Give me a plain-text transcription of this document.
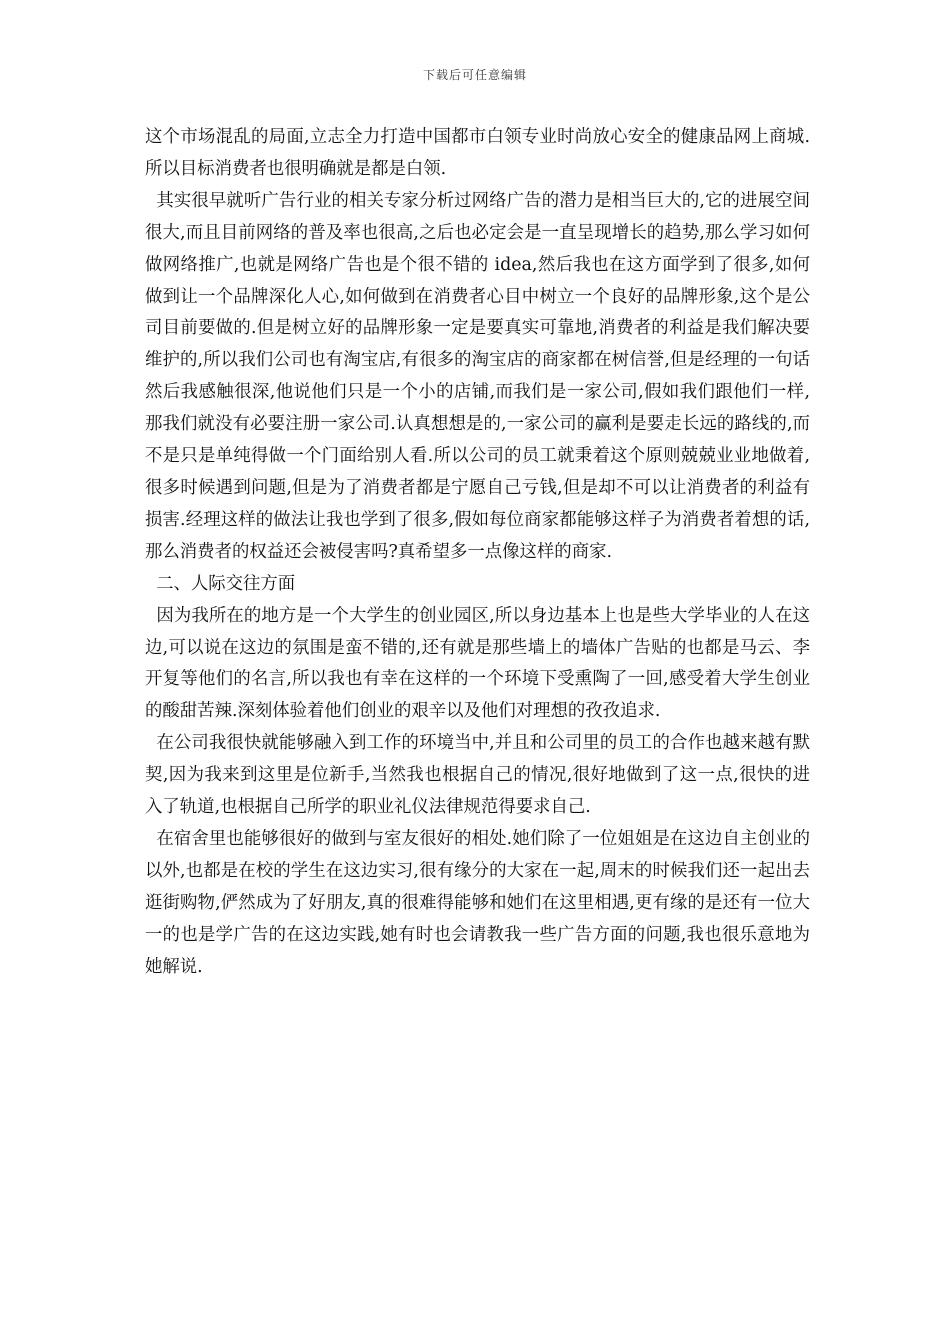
下载后可任意编辑

这个市场混乱的局面,立志全力打造中国都市白领专业时尚放心安全的健康品网上商城.所以目标消费者也很明确就是都是白领.

其实很早就听广告行业的相关专家分析过网络广告的潜力是相当巨大的,它的进展空间很大,而且目前网络的普及率也很高,之后也必定会是一直呈现增长的趋势,那么学习如何做网络推广,也就是网络广告也是个很不错的 idea,然后我也在这方面学到了很多,如何做到让一个品牌深化人心,如何做到在消费者心目中树立一个良好的品牌形象,这个是公司目前要做的.但是树立好的品牌形象一定是要真实可靠地,消费者的利益是我们解决要维护的,所以我们公司也有淘宝店,有很多的淘宝店的商家都在树信誉,但是经理的一句话然后我感触很深,他说他们只是一个小的店铺,而我们是一家公司,假如我们跟他们一样,那我们就没有必要注册一家公司.认真想想是的,一家公司的赢利是要走长远的路线的,而不是只是单纯得做一个门面给别人看.所以公司的员工就秉着这个原则兢兢业业地做着,很多时候遇到问题,但是为了消费者都是宁愿自己亏钱,但是却不可以让消费者的利益有损害.经理这样的做法让我也学到了很多,假如每位商家都能够这样子为消费者着想的话,那么消费者的权益还会被侵害吗?真希望多一点像这样的商家.

二、人际交往方面

因为我所在的地方是一个大学生的创业园区,所以身边基本上也是些大学毕业的人在这边,可以说在这边的氛围是蛮不错的,还有就是那些墙上的墙体广告贴的也都是马云、李开复等他们的名言,所以我也有幸在这样的一个环境下受熏陶了一回,感受着大学生创业的酸甜苦辣.深刻体验着他们创业的艰辛以及他们对理想的孜孜追求.

在公司我很快就能够融入到工作的环境当中,并且和公司里的员工的合作也越来越有默契,因为我来到这里是位新手,当然我也根据自己的情况,很好地做到了这一点,很快的进入了轨道,也根据自己所学的职业礼仪法律规范得要求自己.

在宿舍里也能够很好的做到与室友很好的相处.她们除了一位姐姐是在这边自主创业的以外,也都是在校的学生在这边实习,很有缘分的大家在一起,周末的时候我们还一起出去逛街购物,俨然成为了好朋友,真的很难得能够和她们在这里相遇,更有缘的是还有一位大一的也是学广告的在这边实践,她有时也会请教我一些广告方面的问题,我也很乐意地为她解说.
